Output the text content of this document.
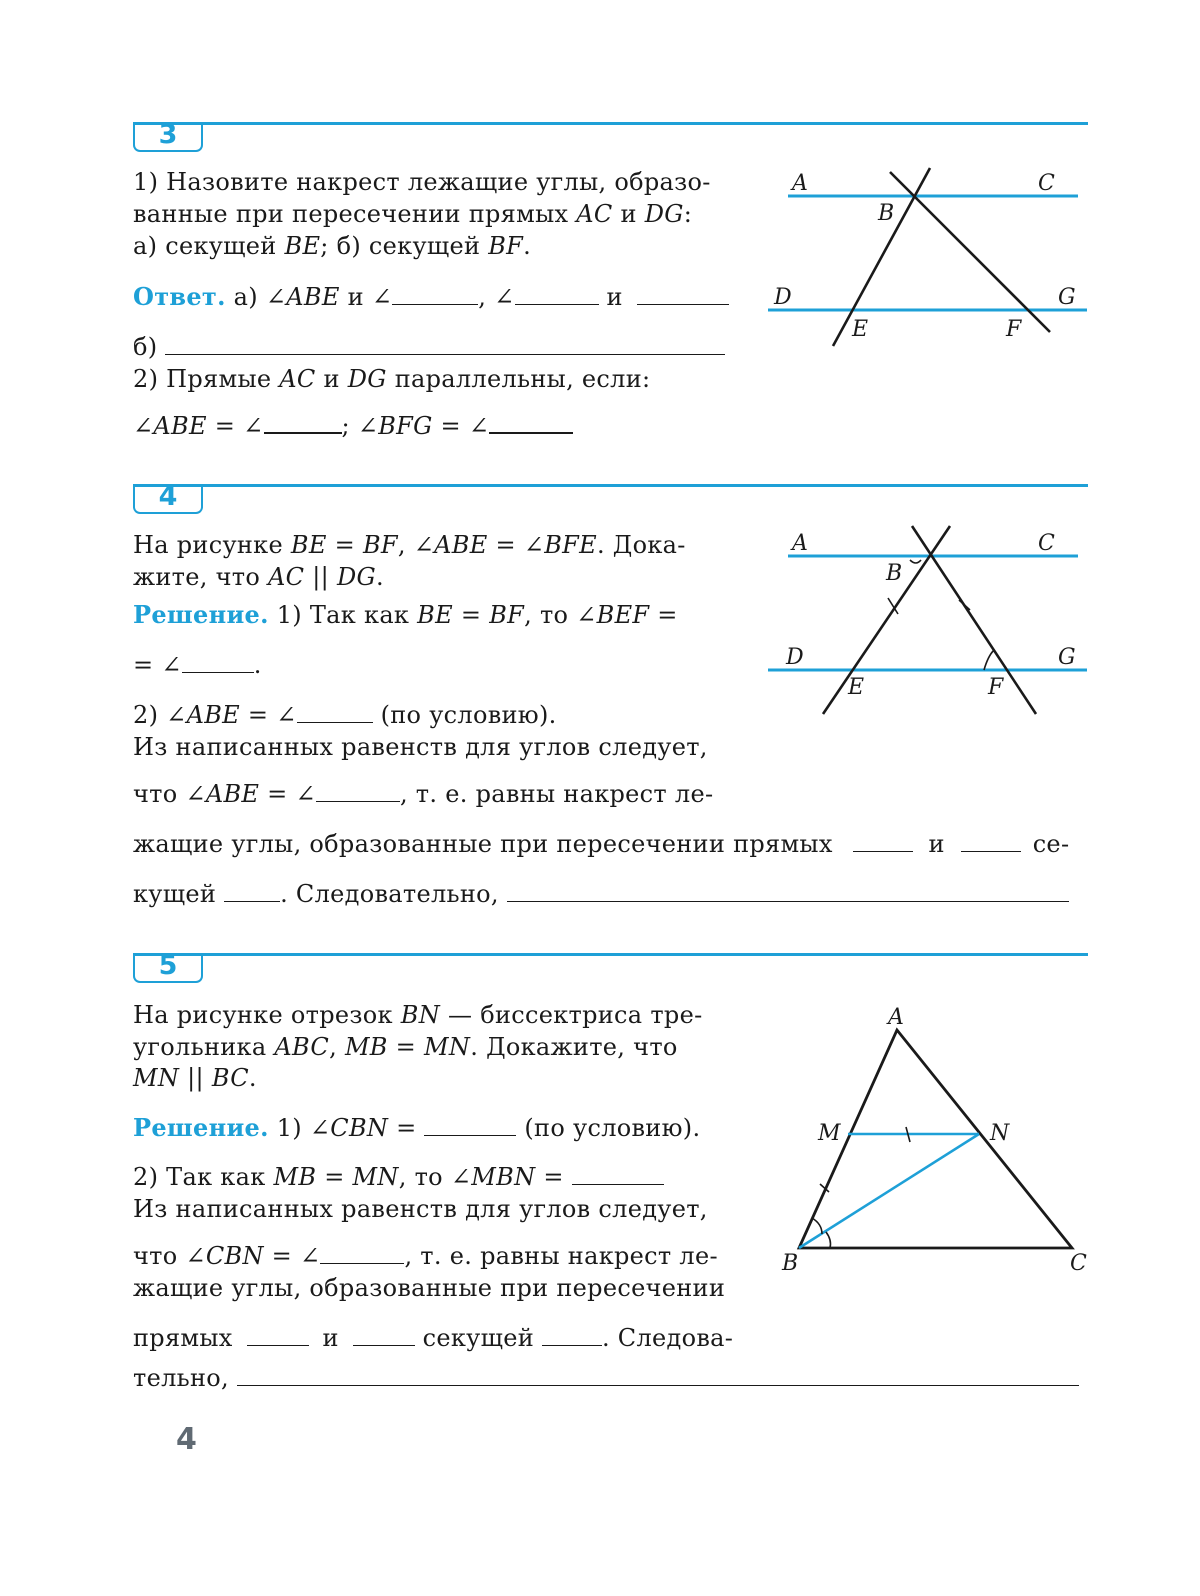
3
1) Назовите накрест лежащие углы, образо-
ванные при пересечении прямых AC и DG:
а) секущей BE; б) секущей BF.
Ответ. а) ∠ABE и ∠	, ∠	и
б)
2) Прямые AC и DG параллельны, если:
∠ABE = ∠	; ∠BFG = ∠
A	C
B
D	G
E	F
4
На рисунке BE = BF, ∠ABE = ∠BFE. Дока-
жите, что AC || DG.
Решение. 1) Так как BE = BF, то ∠BEF =
= ∠	.
2) ∠ABE = ∠	(по условию).
Из написанных равенств для углов следует,
что ∠ABE = ∠	, т. е. равны накрест ле-
жащие углы, образованные при пересечении прямых	и	се-
кущей . Следовательно,
A	C
B
D	G
E	F
5
На рисунке отрезок BN — биссектриса тре-
угольника ABC, MB = MN. Докажите, что
MN || BC.
Решение. 1) ∠CBN =	(по условию).
2) Так как MB = MN, то ∠MBN =
Из написанных равенств для углов следует,
что ∠CBN = ∠	, т. е. равны накрест ле-
жащие углы, образованные при пересечении
прямых	и	секущей	. Следова-
тельно,
A
M	N
B	C
4
